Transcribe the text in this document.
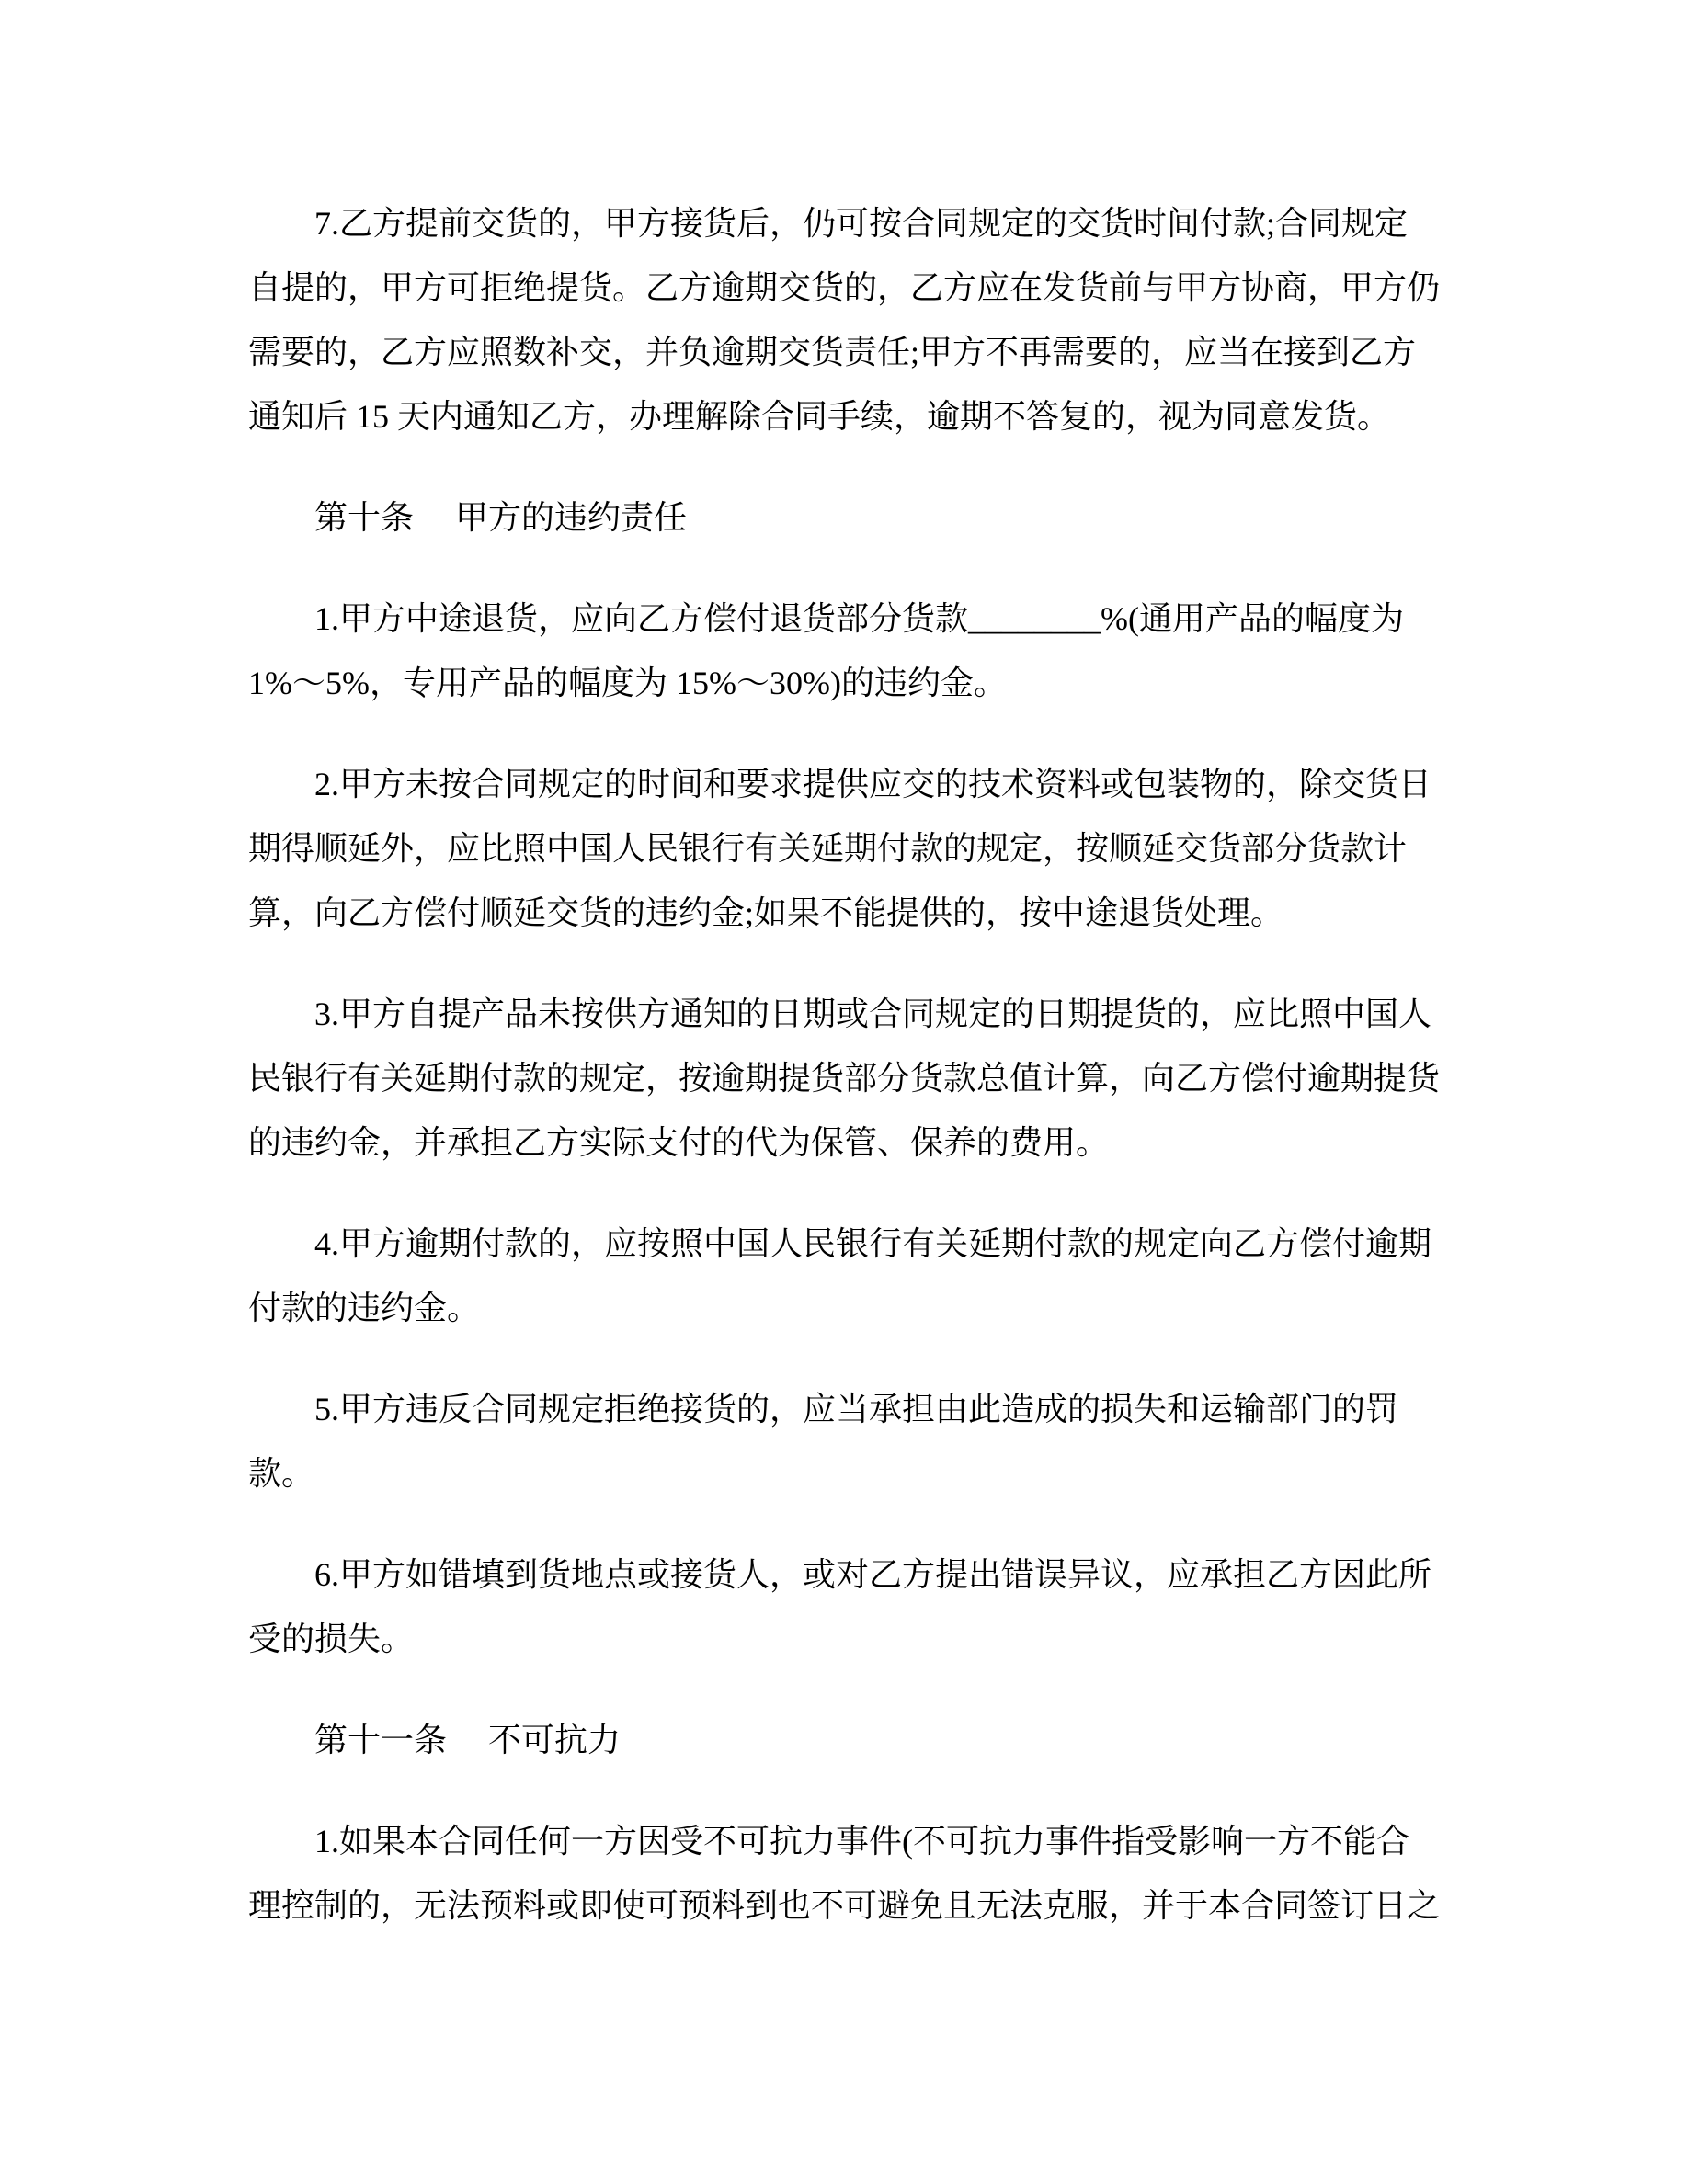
7.乙方提前交货的，甲方接货后，仍可按合同规定的交货时间付款;合同规定
自提的，甲方可拒绝提货。乙方逾期交货的，乙方应在发货前与甲方协商，甲方仍
需要的，乙方应照数补交，并负逾期交货责任;甲方不再需要的，应当在接到乙方
通知后 15 天内通知乙方，办理解除合同手续，逾期不答复的，视为同意发货。
第十条　 甲方的违约责任
1.甲方中途退货，应向乙方偿付退货部分货款________%(通用产品的幅度为
1%～5%，专用产品的幅度为 15%～30%)的违约金。
2.甲方未按合同规定的时间和要求提供应交的技术资料或包装物的，除交货日
期得顺延外，应比照中国人民银行有关延期付款的规定，按顺延交货部分货款计
算，向乙方偿付顺延交货的违约金;如果不能提供的，按中途退货处理。
3.甲方自提产品未按供方通知的日期或合同规定的日期提货的，应比照中国人
民银行有关延期付款的规定，按逾期提货部分货款总值计算，向乙方偿付逾期提货
的违约金，并承担乙方实际支付的代为保管、保养的费用。
4.甲方逾期付款的，应按照中国人民银行有关延期付款的规定向乙方偿付逾期
付款的违约金。
5.甲方违反合同规定拒绝接货的，应当承担由此造成的损失和运输部门的罚
款。
6.甲方如错填到货地点或接货人，或对乙方提出错误异议，应承担乙方因此所
受的损失。
第十一条　 不可抗力
1.如果本合同任何一方因受不可抗力事件(不可抗力事件指受影响一方不能合
理控制的，无法预料或即使可预料到也不可避免且无法克服，并于本合同签订日之
